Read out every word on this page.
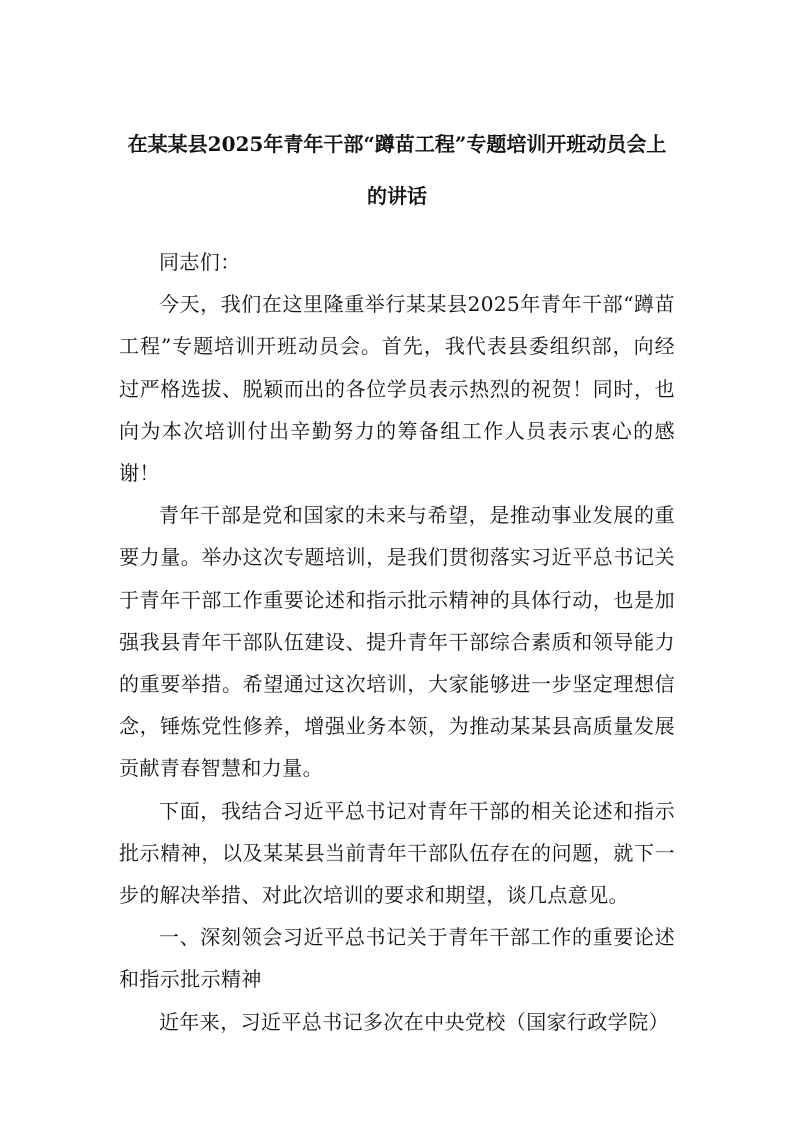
在某某县2025年青年干部“蹲苗工程”专题培训开班动员会上的讲话

同志们：

今天，我们在这里隆重举行某某县2025年青年干部“蹲苗工程”专题培训开班动员会。首先，我代表县委组织部，向经过严格选拔、脱颖而出的各位学员表示热烈的祝贺！同时，也向为本次培训付出辛勤努力的筹备组工作人员表示衷心的感谢！

青年干部是党和国家的未来与希望，是推动事业发展的重要力量。举办这次专题培训，是我们贯彻落实习近平总书记关于青年干部工作重要论述和指示批示精神的具体行动，也是加强我县青年干部队伍建设、提升青年干部综合素质和领导能力的重要举措。希望通过这次培训，大家能够进一步坚定理想信念，锤炼党性修养，增强业务本领，为推动某某县高质量发展贡献青春智慧和力量。

下面，我结合习近平总书记对青年干部的相关论述和指示批示精神，以及某某县当前青年干部队伍存在的问题，就下一步的解决举措、对此次培训的要求和期望，谈几点意见。

一、深刻领会习近平总书记关于青年干部工作的重要论述和指示批示精神

近年来，习近平总书记多次在中央党校（国家行政学院）
